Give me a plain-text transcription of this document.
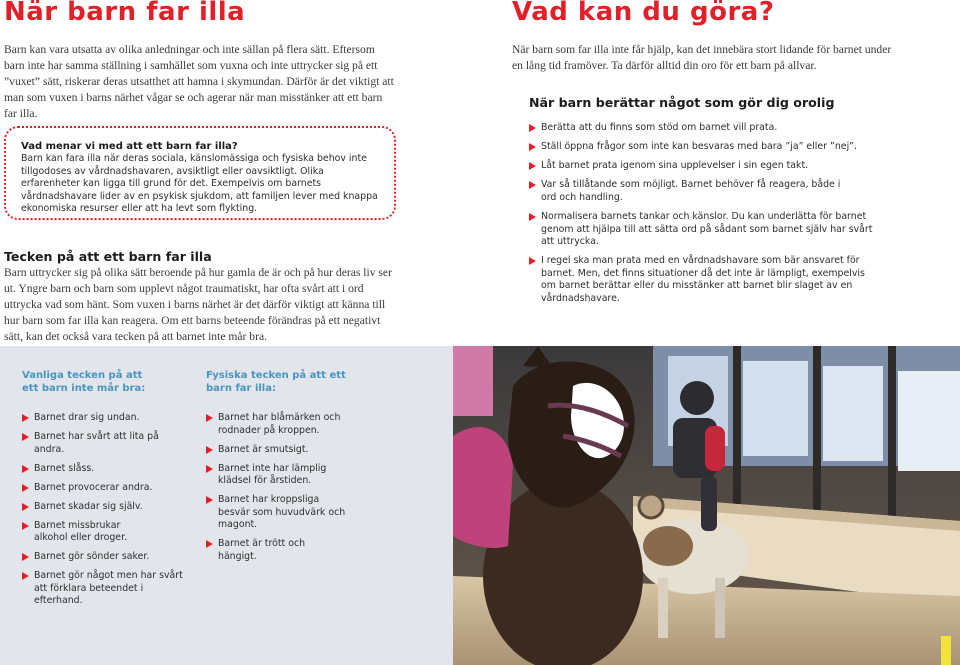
När barn far illa

Barn kan vara utsatta av olika anledningar och inte sällan på flera sätt. Eftersom barn inte har samma ställning i samhället som vuxna och inte uttrycker sig på ett ”vuxet” sätt, riskerar deras utsatthet att hamna i skymundan. Därför är det viktigt att man som vuxen i barns närhet vågar se och agerar när man misstänker att ett barn far illa.

Vad menar vi med att ett barn far illa?
Barn kan fara illa när deras sociala, känslomässiga och fysiska behov inte tillgodoses av vårdnadshavaren, avsiktligt eller oavsiktligt. Olika erfarenheter kan ligga till grund för det. Exempelvis om barnets vårdnadshavare lider av en psykisk sjukdom, att familjen lever med knappa ekonomiska resurser eller att ha levt som flykting.
Tecken på att ett barn far illa

Barn uttrycker sig på olika sätt beroende på hur gamla de är och på hur deras liv ser ut. Yngre barn och barn som upplevt något traumatiskt, har ofta svårt att i ord uttrycka vad som hänt. Som vuxen i barns närhet är det därför viktigt att känna till hur barn som far illa kan reagera. Om ett barns beteende förändras på ett negativt sätt, kan det också vara tecken på att barnet inte mår bra.

Vanliga tecken på att ett barn inte mår bra:
Barnet drar sig undan.
Barnet har svårt att lita på andra.
Barnet slåss.
Barnet provocerar andra.
Barnet skadar sig själv.
Barnet missbrukar alkohol eller droger.
Barnet gör sönder saker.
Barnet gör något men har svårt att förklara beteendet i efterhand.
Fysiska tecken på att ett barn far illa:
Barnet har blåmärken och rodnader på kroppen.
Barnet är smutsigt.
Barnet inte har lämplig klädsel för årstiden.
Barnet har kroppsliga besvär som huvudvärk och magont.
Barnet är trött och hängigt.
Vad kan du göra?

När barn som far illa inte får hjälp, kan det innebära stort lidande för barnet under en lång tid framöver. Ta därför alltid din oro för ett barn på allvar.

När barn berättar något som gör dig orolig
Berätta att du finns som stöd om barnet vill prata.
Ställ öppna frågor som inte kan besvaras med bara ”ja” eller ”nej”.
Låt barnet prata igenom sina upplevelser i sin egen takt.
Var så tillåtande som möjligt. Barnet behöver få reagera, både i ord och handling.
Normalisera barnets tankar och känslor. Du kan underlätta för barnet genom att hjälpa till att sätta ord på sådant som barnet själv har svårt att uttrycka.
I regel ska man prata med en vårdnadshavare som bär ansvaret för barnet. Men, det finns situationer då det inte är lämpligt, exempelvis om barnet berättar eller du misstänker att barnet blir slaget av en vårdnadshavare.
